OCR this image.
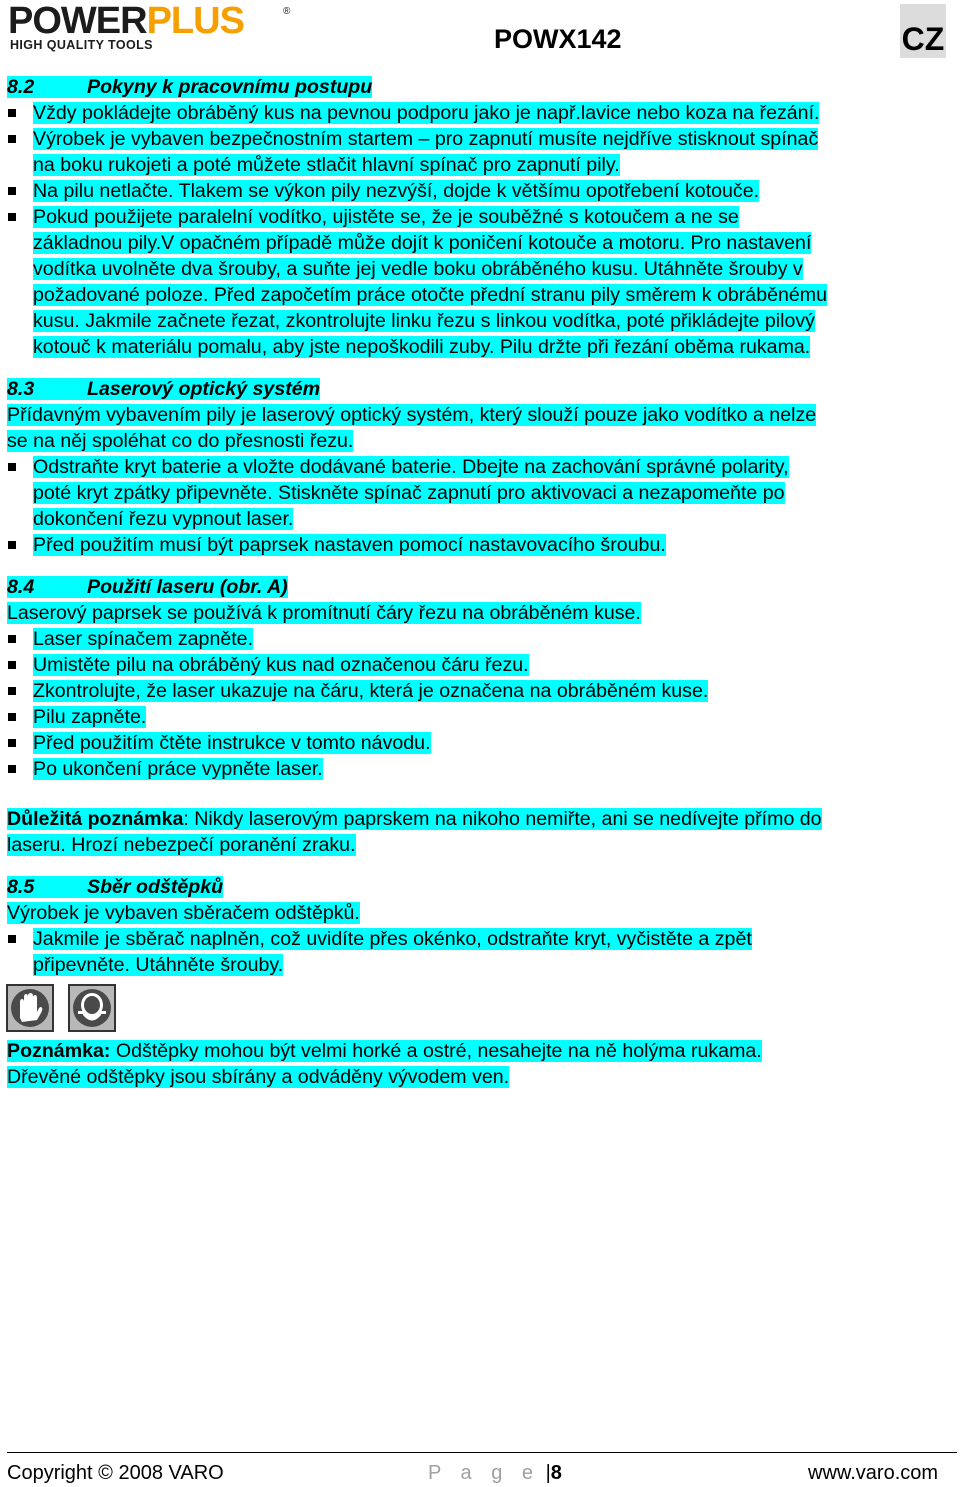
POWERPLUS	®
HIGH QUALITY TOOLS	POWX142	CZ
8.2	Pokyny k pracovnímu postupu
Vždy pokládejte obráběný kus na pevnou podporu jako je např.lavice nebo koza na řezání.
Výrobek je vybaven bezpečnostním startem – pro zapnutí musíte nejdříve stisknout spínač
na boku rukojeti a poté můžete stlačit hlavní spínač pro zapnutí pily.
Na pilu netlačte. Tlakem se výkon pily nezvýší, dojde k většímu opotřebení kotouče.
Pokud použijete paralelní vodítko, ujistěte se, že je souběžné s kotoučem a ne se
základnou pily.V opačném případě může dojít k poničení kotouče a motoru. Pro nastavení
vodítka uvolněte dva šrouby, a suňte jej vedle boku obráběného kusu. Utáhněte šrouby v
požadované poloze. Před započetím práce otočte přední stranu pily směrem k obráběnému
kusu. Jakmile začnete řezat, zkontrolujte linku řezu s linkou vodítka, poté přikládejte pilový
kotouč k materiálu pomalu, aby jste nepoškodili zuby. Pilu držte při řezání oběma rukama.
8.3	Laserový optický systém
Přídavným vybavením pily je laserový optický systém, který slouží pouze jako vodítko a nelze
se na něj spoléhat co do přesnosti řezu.
Odstraňte kryt baterie a vložte dodávané baterie. Dbejte na zachování správné polarity,
poté kryt zpátky připevněte. Stiskněte spínač zapnutí pro aktivovaci a nezapomeňte po
dokončení řezu vypnout laser.
Před použitím musí být paprsek nastaven pomocí nastavovacího šroubu.
8.4	Použití laseru (obr. A)
Laserový paprsek se používá k promítnutí čáry řezu na obráběném kuse.
Laser spínačem zapněte.
Umistěte pilu na obráběný kus nad označenou čáru řezu.
Zkontrolujte, že laser ukazuje na čáru, která je označena na obráběném kuse.
Pilu zapněte.
Před použitím čtěte instrukce v tomto návodu.
Po ukončení práce vypněte laser.
Důležitá poznámka: Nikdy laserovým paprskem na nikoho nemiřte, ani se nedívejte přímo do
laseru. Hrozí nebezpečí poranění zraku.
8.5	Sběr odštěpků
Výrobek je vybaven sběračem odštěpků.
Jakmile je sběrač naplněn, což uvidíte přes okénko, odstraňte kryt, vyčistěte a zpět
připevněte. Utáhněte šrouby.
Poznámka: Odštěpky mohou být velmi horké a ostré, nesahejte na ně holýma rukama.
Dřevěné odštěpky jsou sbírány a odváděny vývodem ven.
Copyright © 2008 VARO	P a g e |8	www.varo.com
